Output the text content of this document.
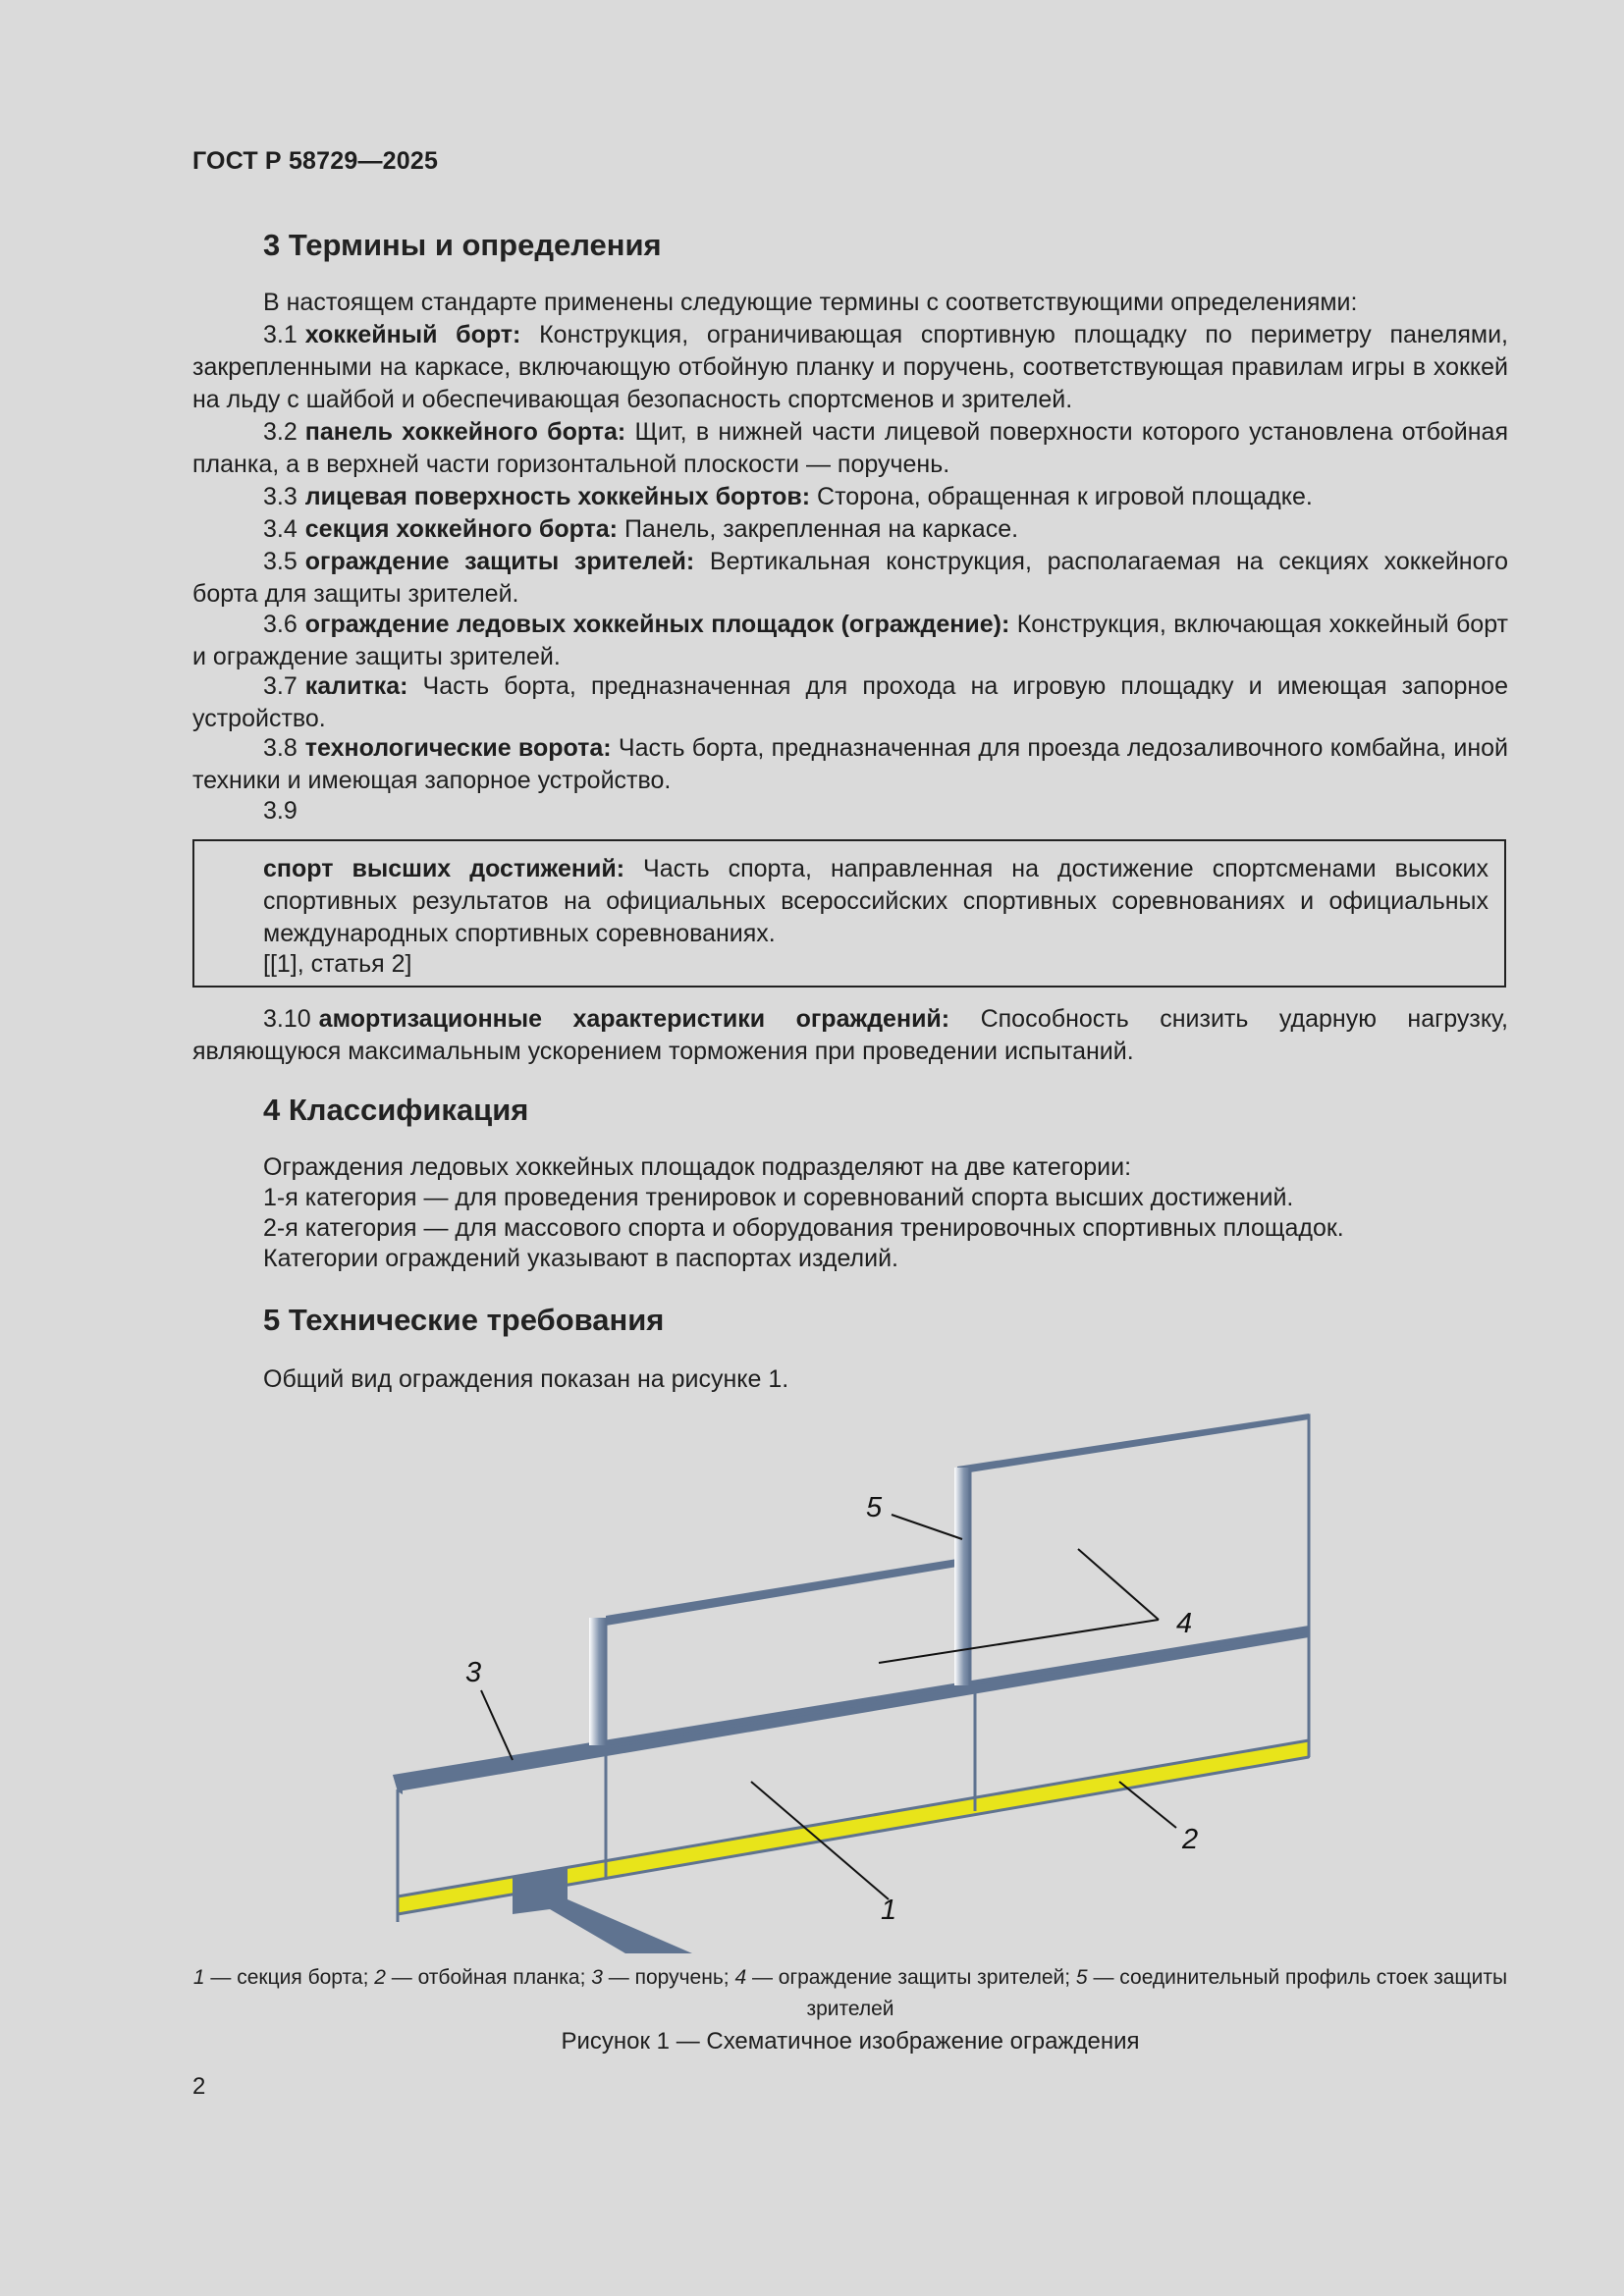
ГОСТ Р 58729—2025
3 Термины и определения
В настоящем стандарте применены следующие термины с соответствующими определениями:
3.1 хоккейный борт: Конструкция, ограничивающая спортивную площадку по периметру панелями, закрепленными на каркасе, включающую отбойную планку и поручень, соответствующая правилам игры в хоккей на льду с шайбой и обеспечивающая безопасность спортсменов и зрителей.
3.2 панель хоккейного борта: Щит, в нижней части лицевой поверхности которого установлена отбойная планка, а в верхней части горизонтальной плоскости — поручень.
3.3 лицевая поверхность хоккейных бортов: Сторона, обращенная к игровой площадке.
3.4 секция хоккейного борта: Панель, закрепленная на каркасе.
3.5 ограждение защиты зрителей: Вертикальная конструкция, располагаемая на секциях хоккейного борта для защиты зрителей.
3.6 ограждение ледовых хоккейных площадок (ограждение): Конструкция, включающая хоккейный борт и ограждение защиты зрителей.
3.7 калитка: Часть борта, предназначенная для прохода на игровую площадку и имеющая запорное устройство.
3.8 технологические ворота: Часть борта, предназначенная для проезда ледозаливочного комбайна, иной техники и имеющая запорное устройство.
3.9
спорт высших достижений: Часть спорта, направленная на достижение спортсменами высоких спортивных результатов на официальных всероссийских спортивных соревнованиях и официальных международных спортивных соревнованиях.
[[1], статья 2]
3.10 амортизационные характеристики ограждений: Способность снизить ударную нагрузку, являющуюся максимальным ускорением торможения при проведении испытаний.
4 Классификация
Ограждения ледовых хоккейных площадок подразделяют на две категории:
1-я категория — для проведения тренировок и соревнований спорта высших достижений.
2-я категория — для массового спорта и оборудования тренировочных спортивных площадок.
Категории ограждений указывают в паспортах изделий.
5 Технические требования
Общий вид ограждения показан на рисунке 1.
1
2
3
4
5
1 — секция борта; 2 — отбойная планка; 3 — поручень; 4 — ограждение защиты зрителей; 5 — соединительный профиль стоек защиты зрителей
Рисунок 1 — Схематичное изображение ограждения
2
